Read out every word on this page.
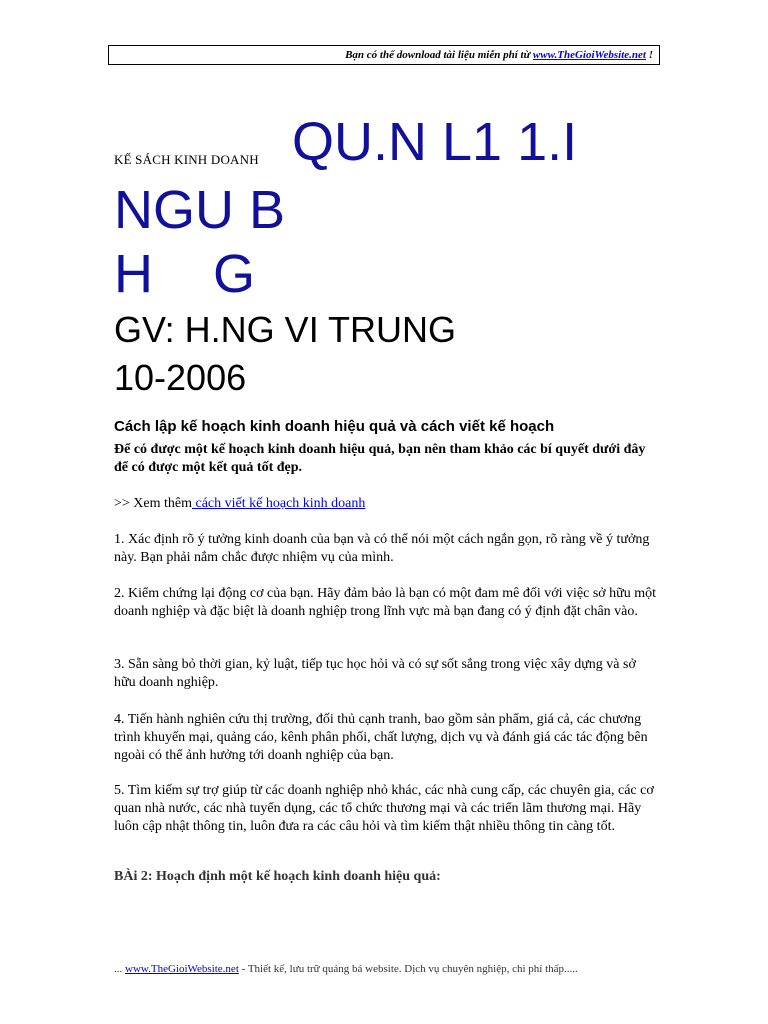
Bạn có thể download tài liệu miễn phí từ www.TheGioiWebsite.net !
KẾ SÁCH KINH DOANH QU.N L1 1.I
NGU B
H    G
GV: H.NG VI TRUNG
10-2006
Cách lập kế hoạch kinh doanh hiệu quả và cách viết kế hoạch
Để có được một kế hoạch kinh doanh hiệu quả, bạn nên tham khảo các bí quyết dưới đây để có được một kết quả tốt đẹp.
>> Xem thêm cách viết kế hoạch kinh doanh
1. Xác định rõ ý tưởng kinh doanh của bạn và có thể nói một cách ngắn gọn, rõ ràng về ý tưởng này. Bạn phải nắm chắc được nhiệm vụ của mình.
2. Kiểm chứng lại động cơ của bạn. Hãy đảm bảo là bạn có một đam mê đối với việc sở hữu một doanh nghiệp và đặc biệt là doanh nghiệp trong lĩnh vực mà bạn đang có ý định đặt chân vào.
3. Sẵn sàng bỏ thời gian, kỷ luật, tiếp tục học hỏi và có sự sốt sắng trong việc xây dựng và sở hữu doanh nghiệp.
4. Tiến hành nghiên cứu thị trường, đối thủ cạnh tranh, bao gồm sản phẩm, giá cả, các chương trình khuyến mại, quảng cáo, kênh phân phối, chất lượng, dịch vụ và đánh giá các tác động bên ngoài có thể ảnh hưởng tới doanh nghiệp của bạn.
5. Tìm kiếm sự trợ giúp từ các doanh nghiệp nhỏ khác, các nhà cung cấp, các chuyên gia, các cơ quan nhà nước, các nhà tuyển dụng, các tổ chức thương mại và các triển lãm thương mại. Hãy luôn cập nhật thông tin, luôn đưa ra các câu hỏi và tìm kiếm thật nhiều thông tin càng tốt.
BÀi 2: Hoạch định một kế hoạch kinh doanh hiệu quả:
... www.TheGioiWebsite.net - Thiết kế, lưu trữ quảng bá website. Dịch vụ chuyên nghiệp, chi phí thấp.....
